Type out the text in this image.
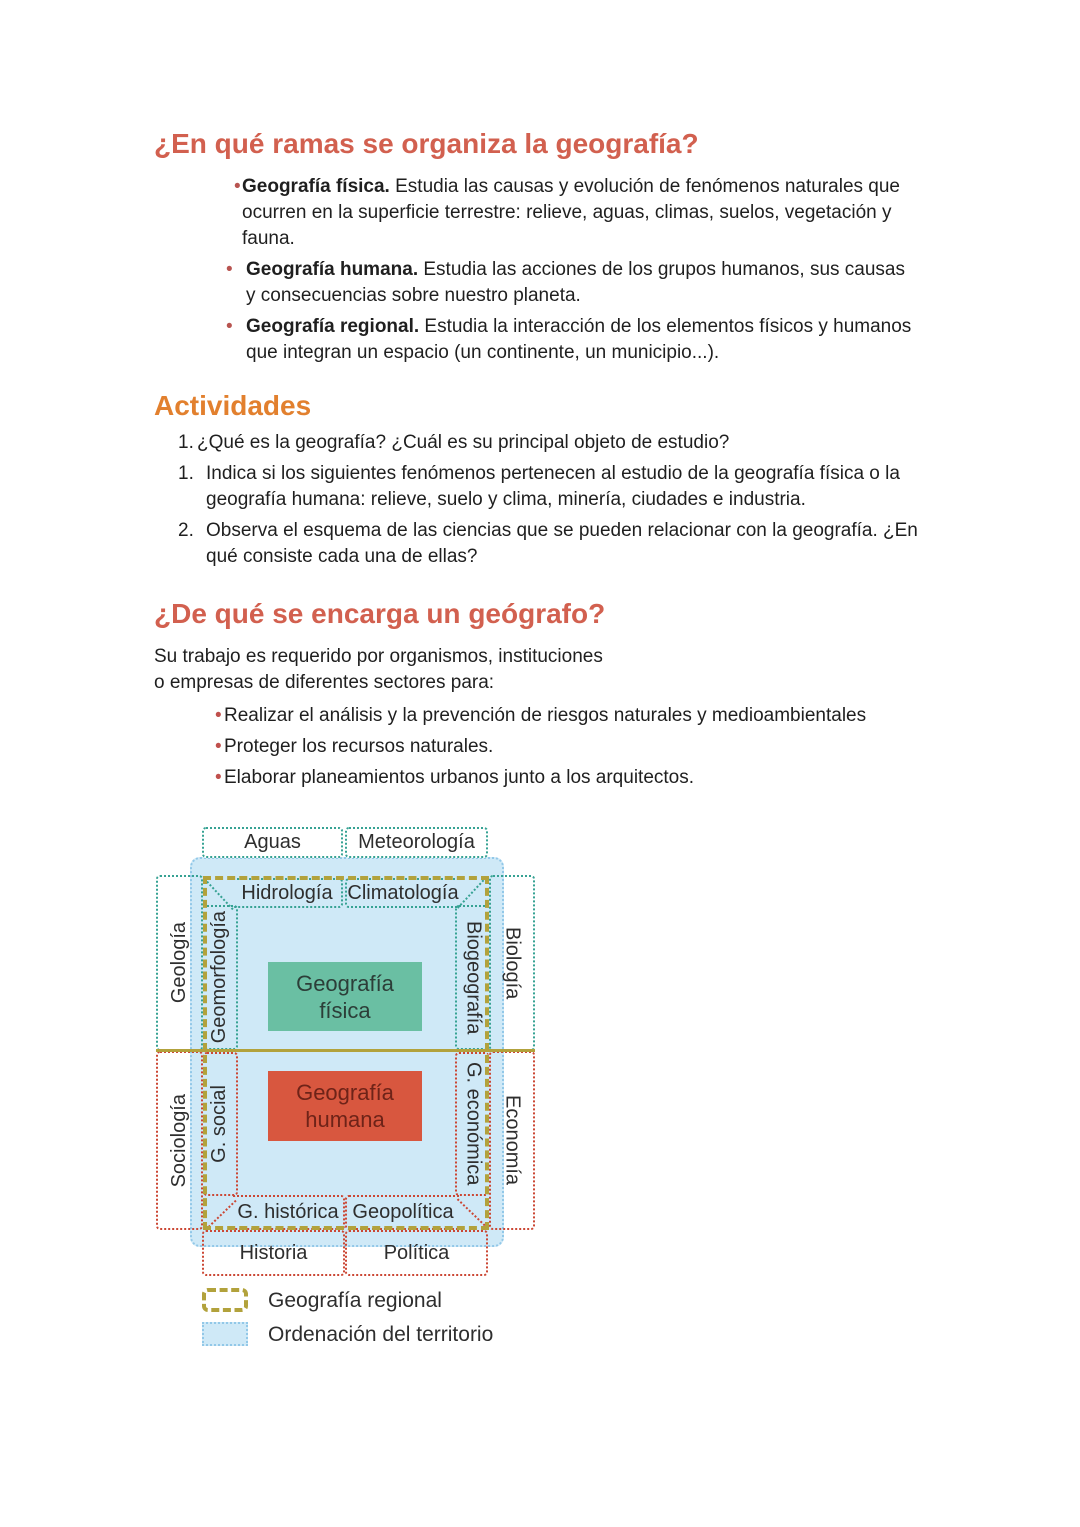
¿En qué ramas se organiza la geografía?
• Geografía física. Estudia las causas y evolución de fenómenos naturales que ocurren en la superficie terrestre: relieve, aguas, climas, suelos, vegetación y fauna.
• Geografía humana. Estudia las acciones de los grupos humanos, sus causas y consecuencias sobre nuestro planeta.
• Geografía regional. Estudia la interacción de los elementos físicos y humanos que integran un espacio (un continente, un municipio...).
Actividades
1. ¿Qué es la geografía? ¿Cuál es su principal objeto de estudio?
1. Indica si los siguientes fenómenos pertenecen al estudio de la geografía física o la geografía humana: relieve, suelo y clima, minería, ciudades e industria.
2. Observa el esquema de las ciencias que se pueden relacionar con la geografía. ¿En qué consiste cada una de ellas?
¿De qué se encarga un geógrafo?
Su trabajo es requerido por organismos, instituciones
o empresas de diferentes sectores para:
• Realizar el análisis y la prevención de riesgos naturales y medioambientales
• Proteger los recursos naturales.
• Elaborar planeamientos urbanos junto a los arquitectos.
Aguas	Meteorología
Hidrología Climatología
Geología	Biología
Geomorfología	Biogeografía
Sociología	Economía
G. social	G. económica
G. histórica Geopolítica
Historia	Política
Geografía física
Geografía humana
Geografía regional
Ordenación del territorio
